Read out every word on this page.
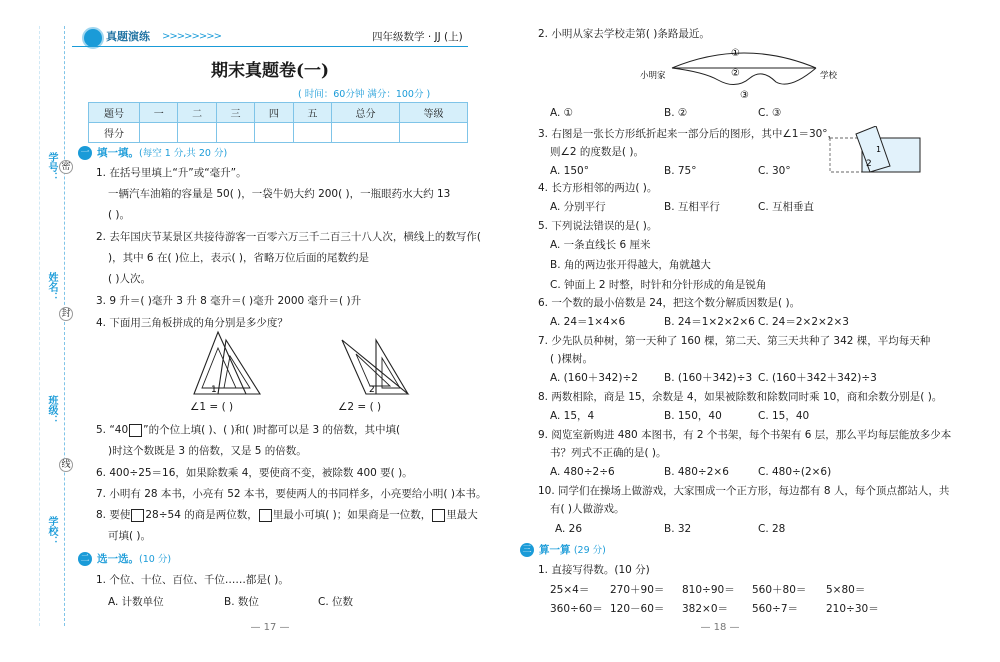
学号：
姓名：
班级：
学校：
密
封
线
真题演练 >>>>>>>>	四年级数学 · JJ (上)
期末真题卷(一)
( 时间：60分钟 满分：100分 )
题号	一	二	三	四	五	总分	等级
得分							
一 填一填。(每空 1 分,共 20 分)
1. 在括号里填上“升”或“毫升”。
一辆汽车油箱的容量是 50( )，一袋牛奶大约 200( )，一瓶眼药水大约 13
( )。
2. 去年国庆节某景区共接待游客一百零六万三千二百三十八人次，横线上的数写作(
)，其中 6 在( )位上，表示( )，省略万位后面的尾数约是
( )人次。
3. 9 升＝( )毫升 3 升 8 毫升＝( )毫升 2000 毫升＝( )升
4. 下面用三角板拼成的角分别是多少度？
1
∠1 = ( )
2
∠2 = ( )
5. “40 ”的个位上填( )、( )和( )时都可以是 3 的倍数，其中填(
)时这个数既是 3 的倍数，又是 5 的倍数。
6. 400÷25＝16，如果除数乘 4，要使商不变，被除数 400 要( )。
7. 小明有 28 本书，小亮有 52 本书，要使两人的书同样多，小亮要给小明( )本书。
8. 要使 28÷54 的商是两位数， 里最小可填( )；如果商是一位数， 里最大
可填( )。
二 选一选。(10 分)
1. 个位、十位、百位、千位……都是( )。
A. 计数单位	B. 数位	C. 位数
— 17 —
2. 小明从家去学校走第( )条路最近。
①
②
③
小明家	学校
A. ①	B. ②	C. ③
3. 右图是一张长方形纸折起来一部分后的图形，其中∠1＝30°，
则∠2 的度数是( )。	1
2
A. 150°	B. 75°	C. 30°
4. 长方形相邻的两边( )。
A. 分别平行	B. 互相平行	C. 互相垂直
5. 下列说法错误的是( )。
A. 一条直线长 6 厘米
B. 角的两边张开得越大，角就越大
C. 钟面上 2 时整，时针和分针形成的角是锐角
6. 一个数的最小倍数是 24，把这个数分解质因数是( )。
A. 24＝1×4×6	B. 24＝1×2×2×6 C. 24＝2×2×2×3
7. 少先队员种树，第一天种了 160 棵，第二天、第三天共种了 342 棵，平均每天种
( )棵树。
A. (160＋342)÷2 B. (160＋342)÷3 C. (160＋342＋342)÷3
8. 两数相除，商是 15，余数是 4，如果被除数和除数同时乘 10，商和余数分别是( )。
A. 15，4	B. 150，40	C. 15，40
9. 阅览室新购进 480 本图书，有 2 个书架，每个书架有 6 层，那么平均每层能放多少本
书？列式不正确的是( )。
A. 480÷2÷6	B. 480÷2×6	C. 480÷(2×6)
10. 同学们在操场上做游戏，大家围成一个正方形，每边都有 8 人，每个顶点都站人，共
有( )人做游戏。
A. 26	B. 32	C. 28
三 算一算 (29 分)
1. 直接写得数。(10 分)
25×4＝ 270＋90＝ 810÷90＝ 560＋80＝ 5×80＝
360÷60＝ 120－60＝ 382×0＝ 560÷7＝	210÷30＝
— 18 —
